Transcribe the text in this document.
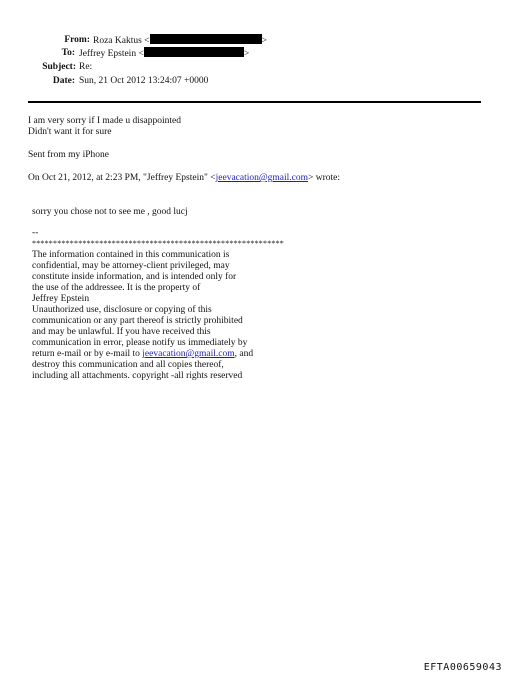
From: Roza Kaktus <	>
To: Jeffrey Epstein <	>
Subject: Re:
Date: Sun, 21 Oct 2012 13:24:07 +0000
I am very sorry if I made u disappointed
Didn't want it for sure
Sent from my iPhone
On Oct 21, 2012, at 2:23 PM, "Jeffrey Epstein" <jeevacation@gmail.com> wrote:
sorry you chose not to see me , good lucj
--
************************************************************
The information contained in this communication is
confidential, may be attorney-client privileged, may
constitute inside information, and is intended only for
the use of the addressee. It is the property of
Jeffrey Epstein
Unauthorized use, disclosure or copying of this
communication or any part thereof is strictly prohibited
and may be unlawful. If you have received this
communication in error, please notify us immediately by
return e-mail or by e-mail to jeevacation@gmail.com, and
destroy this communication and all copies thereof,
including all attachments. copyright -all rights reserved
EFTA00659043
